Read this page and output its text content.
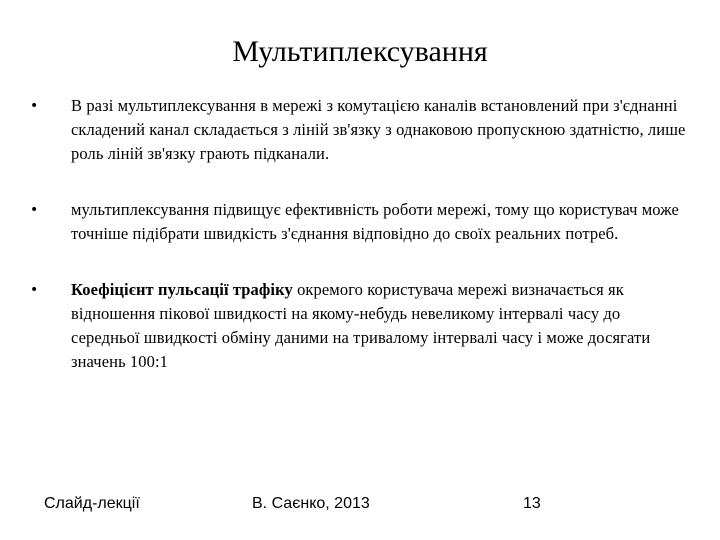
Мультиплексування
•	В разі мультиплексування в мережі з комутацією каналів встановлений при з'єднанні складений канал складається з ліній зв'язку з однаковою пропускною здатністю, лише роль ліній зв'язку грають підканали.
•	мультиплексування підвищує ефективність роботи мережі, тому що користувач може точніше підібрати швидкість з'єднання відповідно до своїх реальних потреб.
•	Коефіцієнт пульсації трафіку окремого користувача мережі визначається як відношення пікової швидкості на якому-небудь невеликому інтервалі часу до середньої швидкості обміну даними на тривалому інтервалі часу і може досягати значень 100:1
Слайд-лекції	В. Саєнко, 2013	13
